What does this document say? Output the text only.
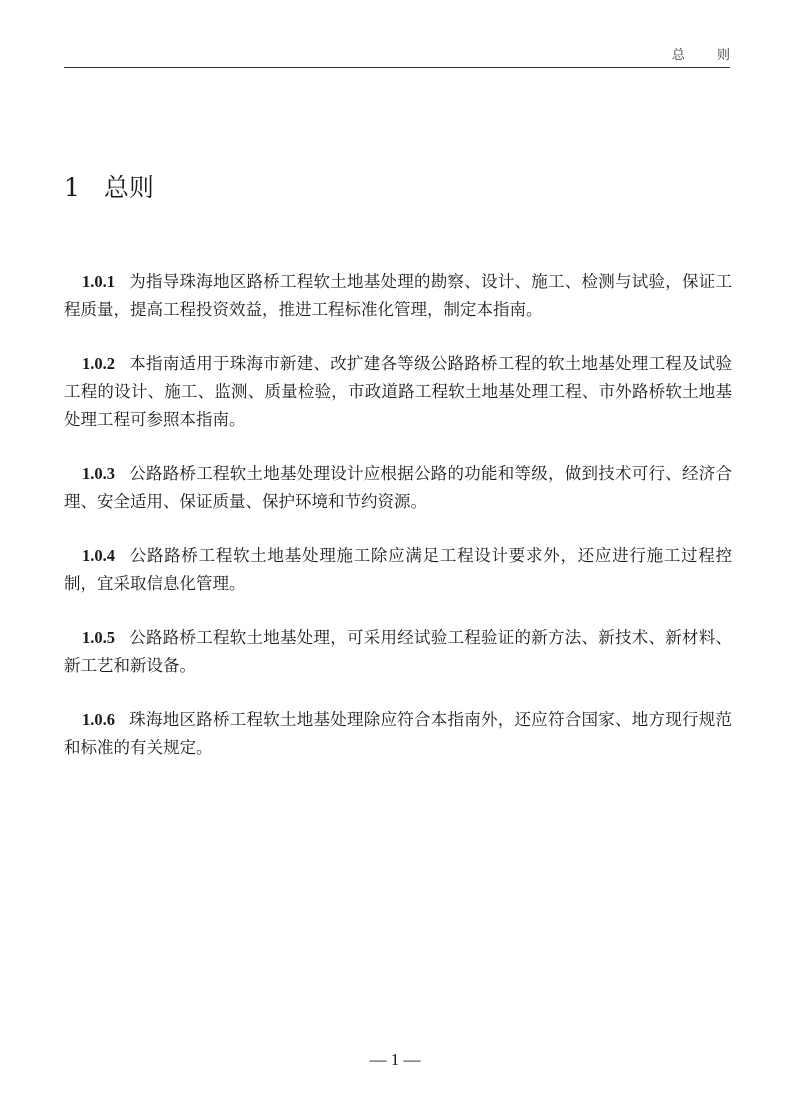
总 则
1 总则

1.0.1 为指导珠海地区路桥工程软土地基处理的勘察、设计、施工、检测与试验，保证工程质量，提高工程投资效益，推进工程标准化管理，制定本指南。

1.0.2 本指南适用于珠海市新建、改扩建各等级公路路桥工程的软土地基处理工程及试验工程的设计、施工、监测、质量检验，市政道路工程软土地基处理工程、市外路桥软土地基处理工程可参照本指南。

1.0.3 公路路桥工程软土地基处理设计应根据公路的功能和等级，做到技术可行、经济合理、安全适用、保证质量、保护环境和节约资源。

1.0.4 公路路桥工程软土地基处理施工除应满足工程设计要求外，还应进行施工过程控制，宜采取信息化管理。

1.0.5 公路路桥工程软土地基处理，可采用经试验工程验证的新方法、新技术、新材料、新工艺和新设备。

1.0.6 珠海地区路桥工程软土地基处理除应符合本指南外，还应符合国家、地方现行规范和标准的有关规定。

— 1 —
